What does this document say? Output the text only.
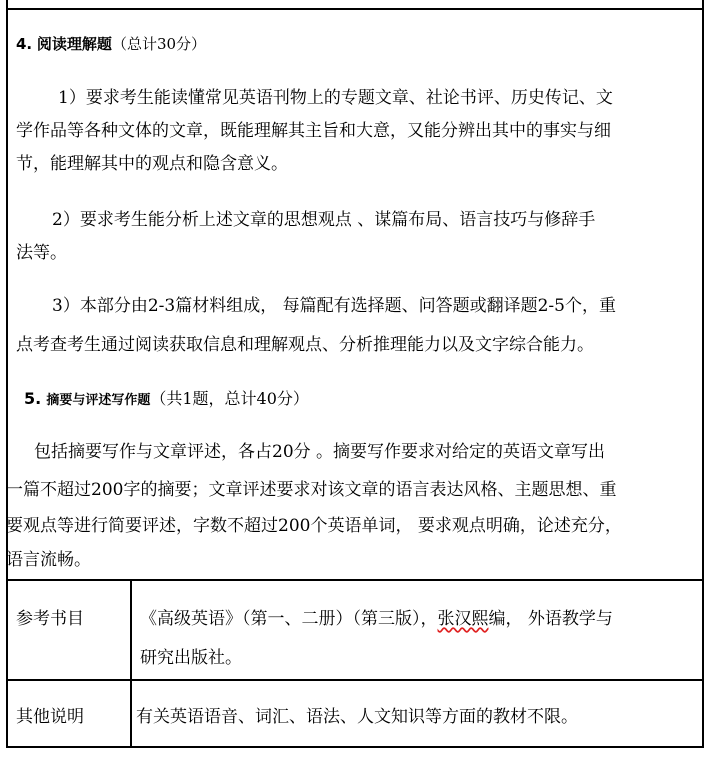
4. 阅读理解题（总计30分）
1）要求考生能读懂常见英语刊物上的专题文章、社论书评、历史传记、文
学作品等各种文体的文章，既能理解其主旨和大意，又能分辨出其中的事实与细
节，能理解其中的观点和隐含意义。
2）要求考生能分析上述文章的思想观点 、谋篇布局、语言技巧与修辞手
法等。
3）本部分由2-3篇材料组成， 每篇配有选择题、问答题或翻译题2-5个，重
点考查考生通过阅读获取信息和理解观点、分析推理能力以及文字综合能力。
5. 摘要与评述写作题（共1题，总计40分）
包括摘要写作与文章评述，各占20分 。摘要写作要求对给定的英语文章写出
一篇不超过200字的摘要；文章评述要求对该文章的语言表达风格、主题思想、重
要观点等进行简要评述，字数不超过200个英语单词， 要求观点明确，论述充分，
语言流畅。
参考书目	《高级英语》（第一、二册）（第三版），张汉熙编， 外语教学与
研究出版社。
其他说明	有关英语语音、词汇、语法、人文知识等方面的教材不限。
